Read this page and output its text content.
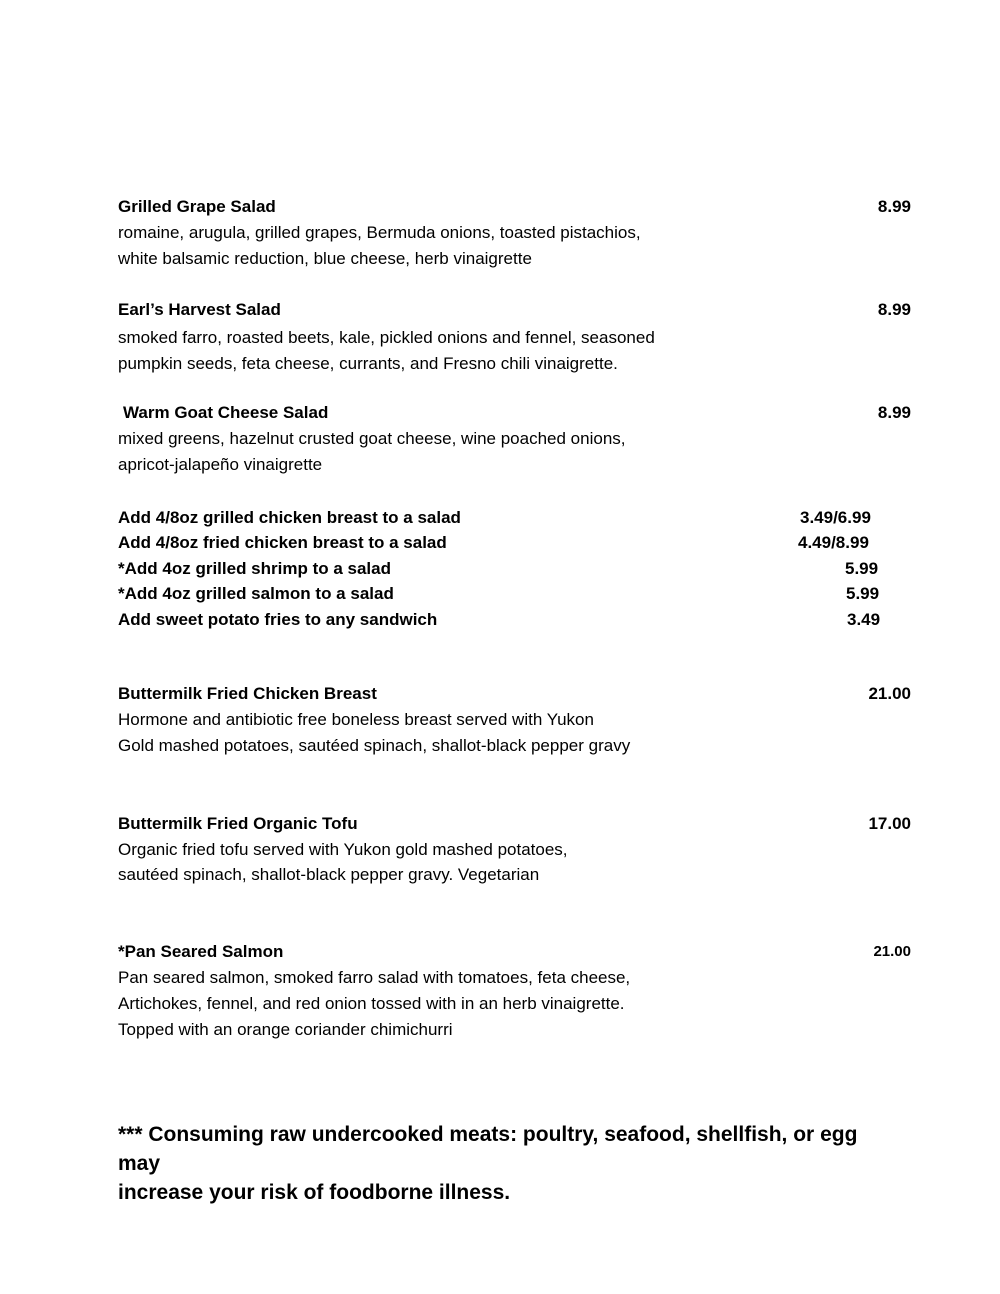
Grilled Grape Salad	8.99
romaine, arugula, grilled grapes, Bermuda onions, toasted pistachios,
white balsamic reduction, blue cheese, herb vinaigrette
Earl’s Harvest Salad	8.99
smoked farro, roasted beets, kale, pickled onions and fennel, seasoned
pumpkin seeds, feta cheese, currants, and Fresno chili vinaigrette.
Warm Goat Cheese Salad	8.99
mixed greens, hazelnut crusted goat cheese, wine poached onions,
apricot-jalapeño vinaigrette
Add 4/8oz grilled chicken breast to a salad	3.49/6.99
Add 4/8oz fried chicken breast to a salad	4.49/8.99
*Add 4oz grilled shrimp to a salad	5.99
*Add 4oz grilled salmon to a salad	5.99
Add sweet potato fries to any sandwich	3.49
Buttermilk Fried Chicken Breast	21.00
Hormone and antibiotic free boneless breast served with Yukon
Gold mashed potatoes, sautéed spinach, shallot-black pepper gravy
Buttermilk Fried Organic Tofu	17.00
Organic fried tofu served with Yukon gold mashed potatoes,
sautéed spinach, shallot-black pepper gravy. Vegetarian
*Pan Seared Salmon	21.00
Pan seared salmon, smoked farro salad with tomatoes, feta cheese,
Artichokes, fennel, and red onion tossed with in an herb vinaigrette.
Topped with an orange coriander chimichurri
*** Consuming raw undercooked meats: poultry, seafood, shellfish, or egg may
increase your risk of foodborne illness.
